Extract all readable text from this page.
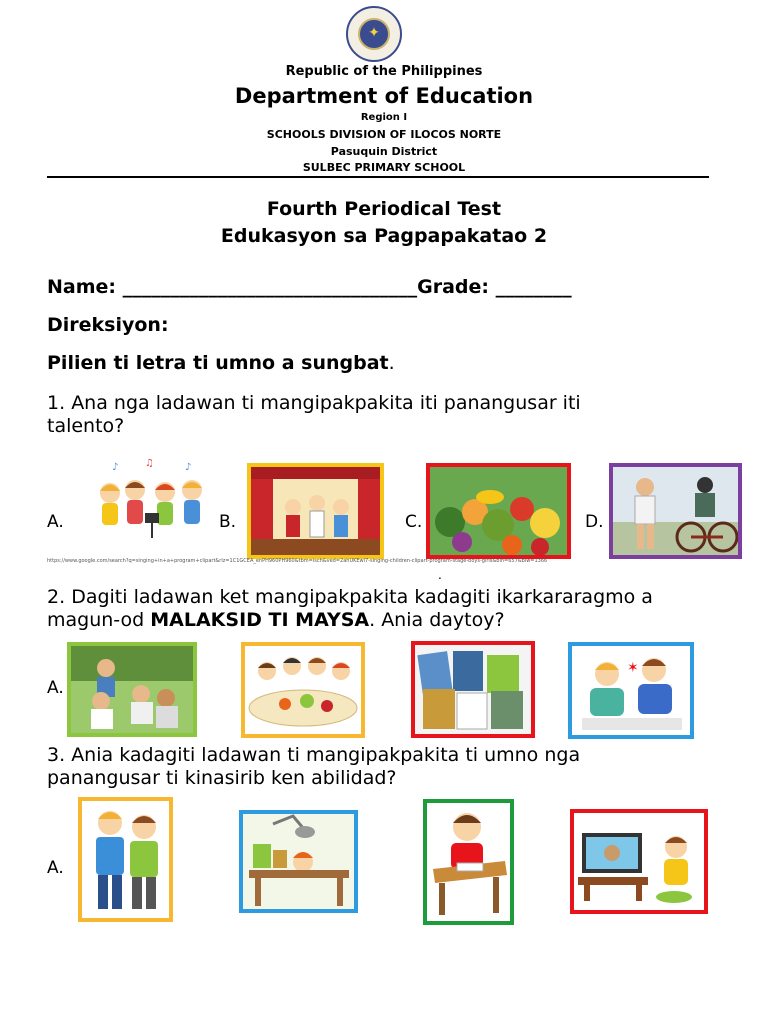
✦
Republic of the Philippines
Department of Education
Region I
SCHOOLS DIVISION OF ILOCOS NORTE
Pasuquin District
SULBEC PRIMARY SCHOOL
Fourth Periodical Test
Edukasyon sa Pagpapakatao 2
Name: _______________________________Grade: ________
Direksiyon:
Pilien ti letra ti umno a sungbat.
1. Ana nga ladawan ti mangipakpakita iti panangusar iti
talento?
A.
♪	♫	♪
B.	C.	D.
https://www.google.com/search?q=singing+in+a+program+clipart&rlz=1C1GCEA_enPH960PH960&tbm=isch&ved=2ahUKEwi7-singing-children-clipart-program-stage-boys-girls&bih=657&biw=1366
.
2. Dagiti ladawan ket mangipakpakita kadagiti ikarkararagmo a
magun-od MALAKSID TI MAYSA. Ania daytoy?
A.
✶
3. Ania kadagiti ladawan ti mangipakpakita ti umno nga
panangusar ti kinasirib ken abilidad?
A.
